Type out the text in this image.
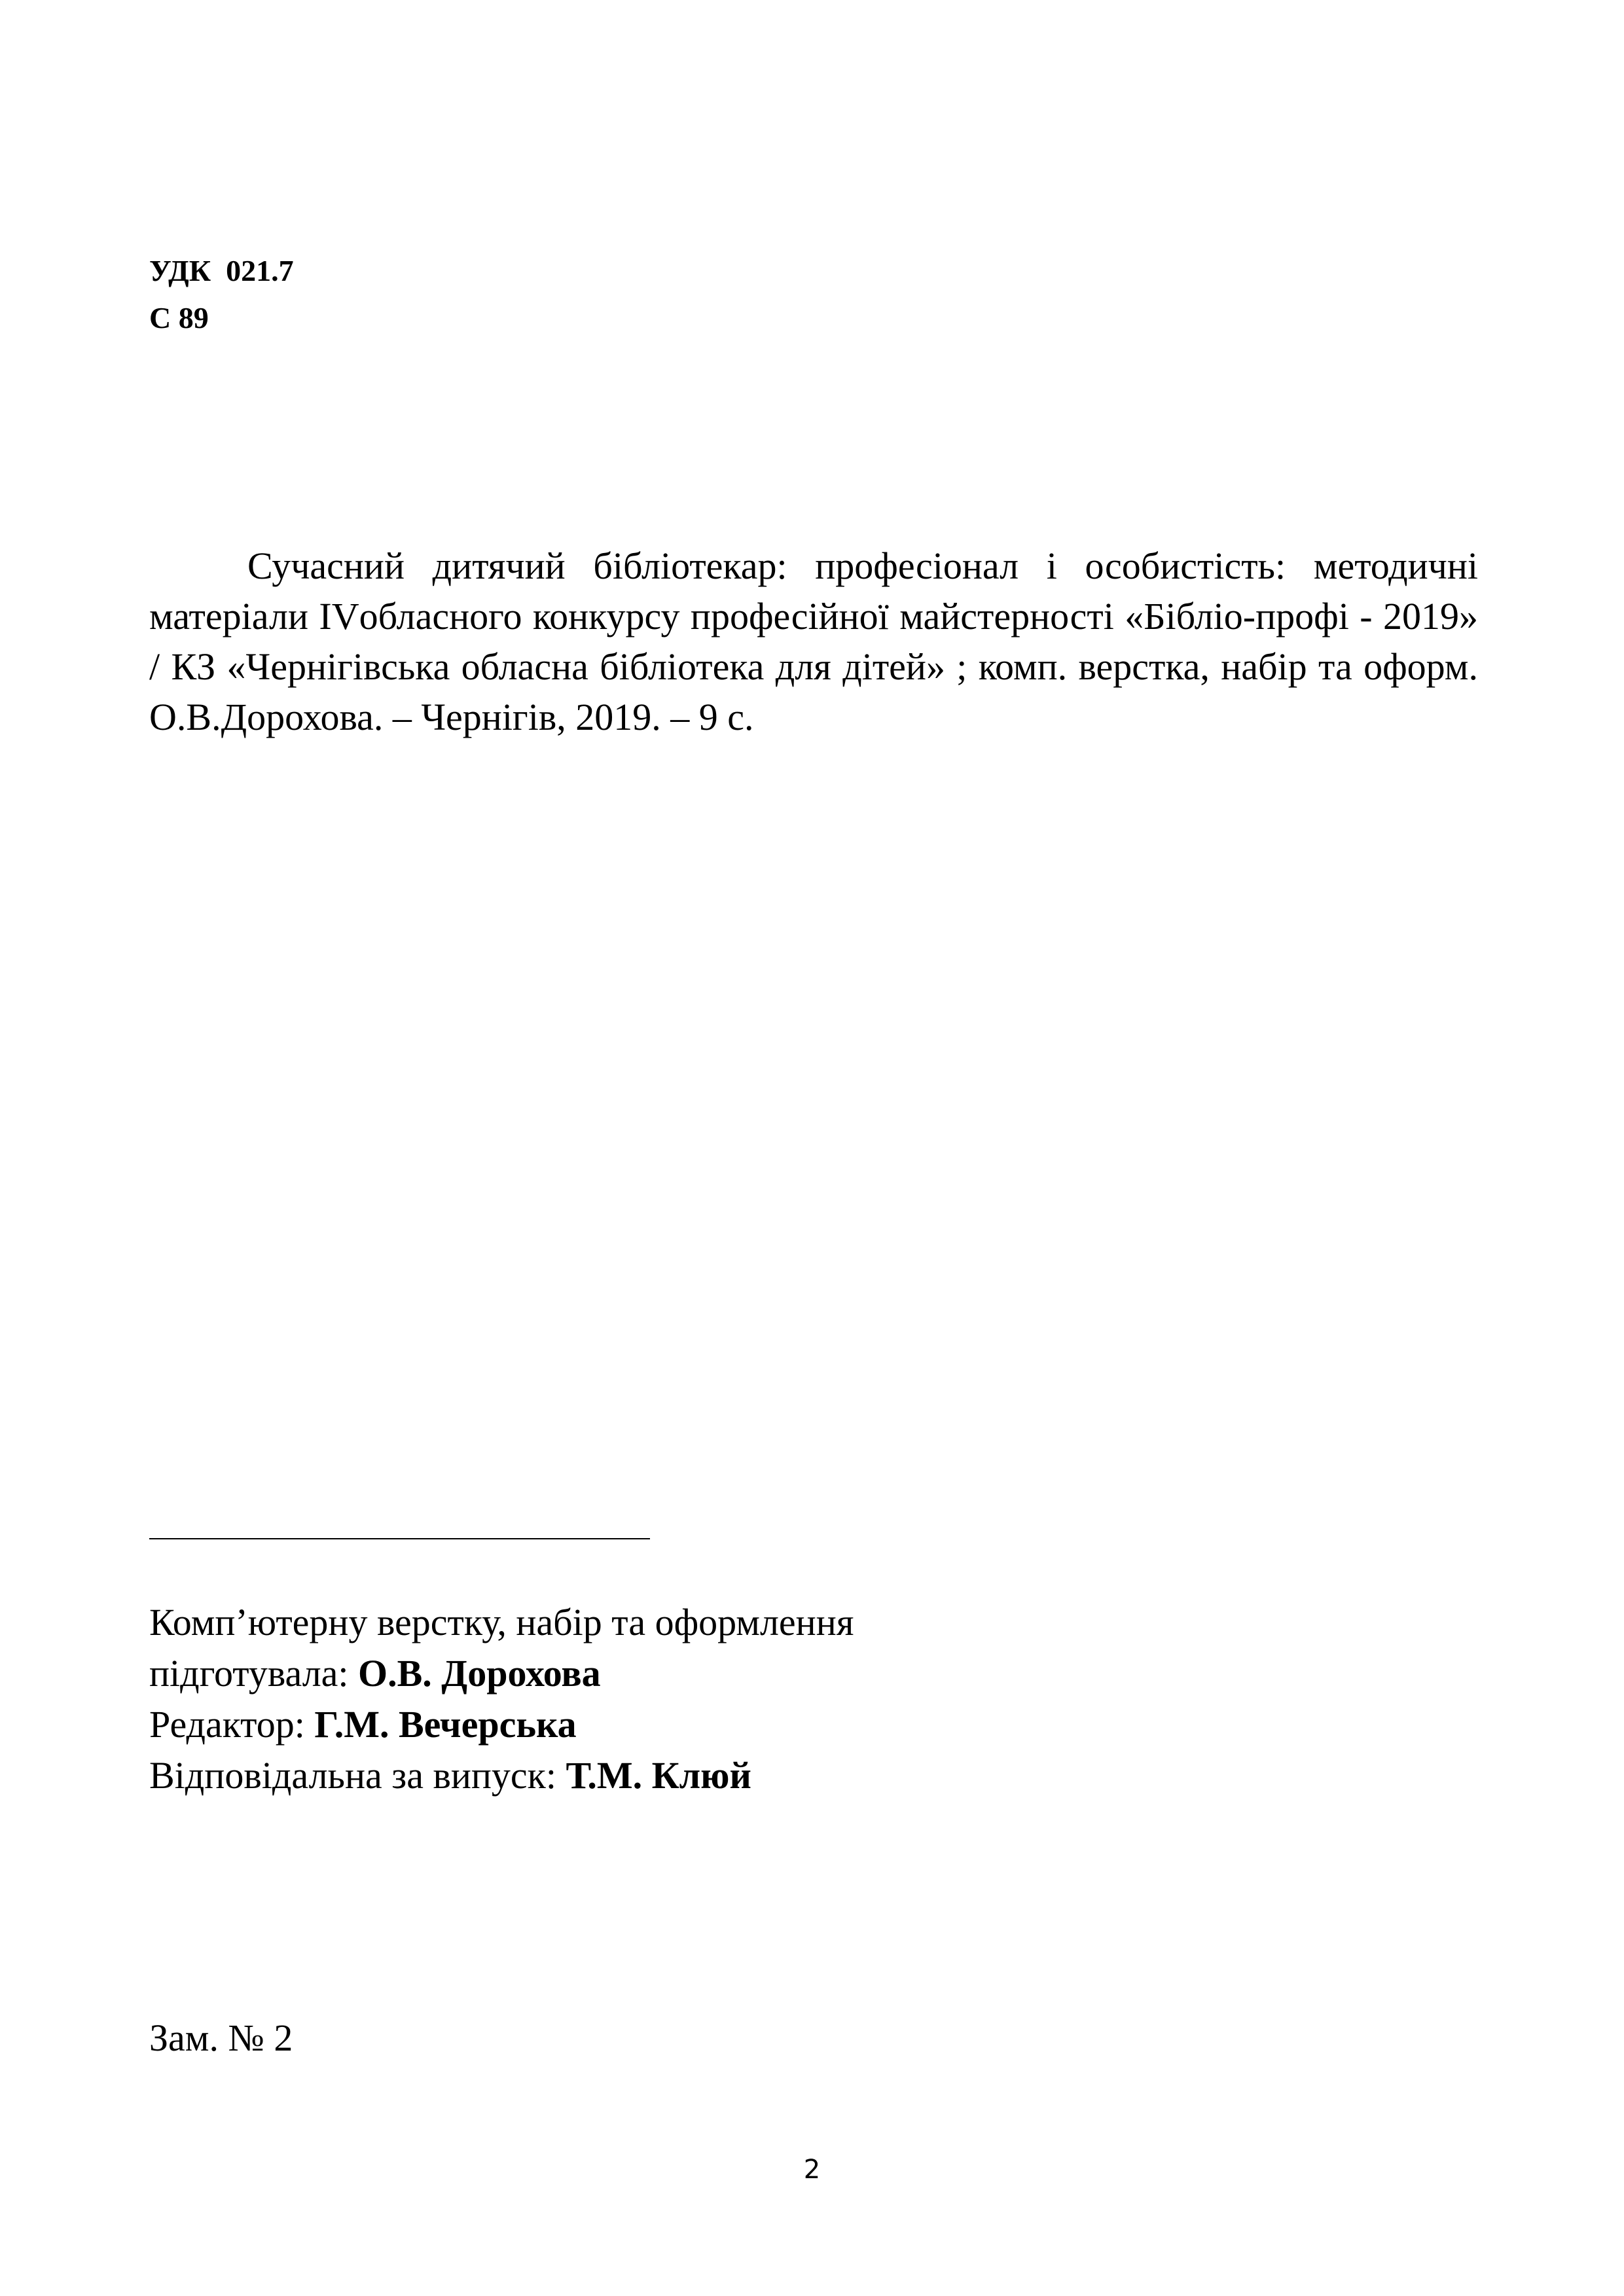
УДК  021.7
С 89

Сучасний дитячий бібліотекар: професіонал і особистість: методичні матеріали IVобласного конкурсу професійної майстерності «Бібліо-профі - 2019» / КЗ «Чернігівська обласна бібліотека для дітей» ; комп. верстка, набір та оформ. О.В.Дорохова. – Чернігів, 2019. – 9 с.

Комп’ютерну верстку, набір та оформлення
підготувала: О.В. Дорохова
Редактор: Г.М. Вечерська
Відповідальна за випуск: Т.М. Клюй
Зам. № 2
2
